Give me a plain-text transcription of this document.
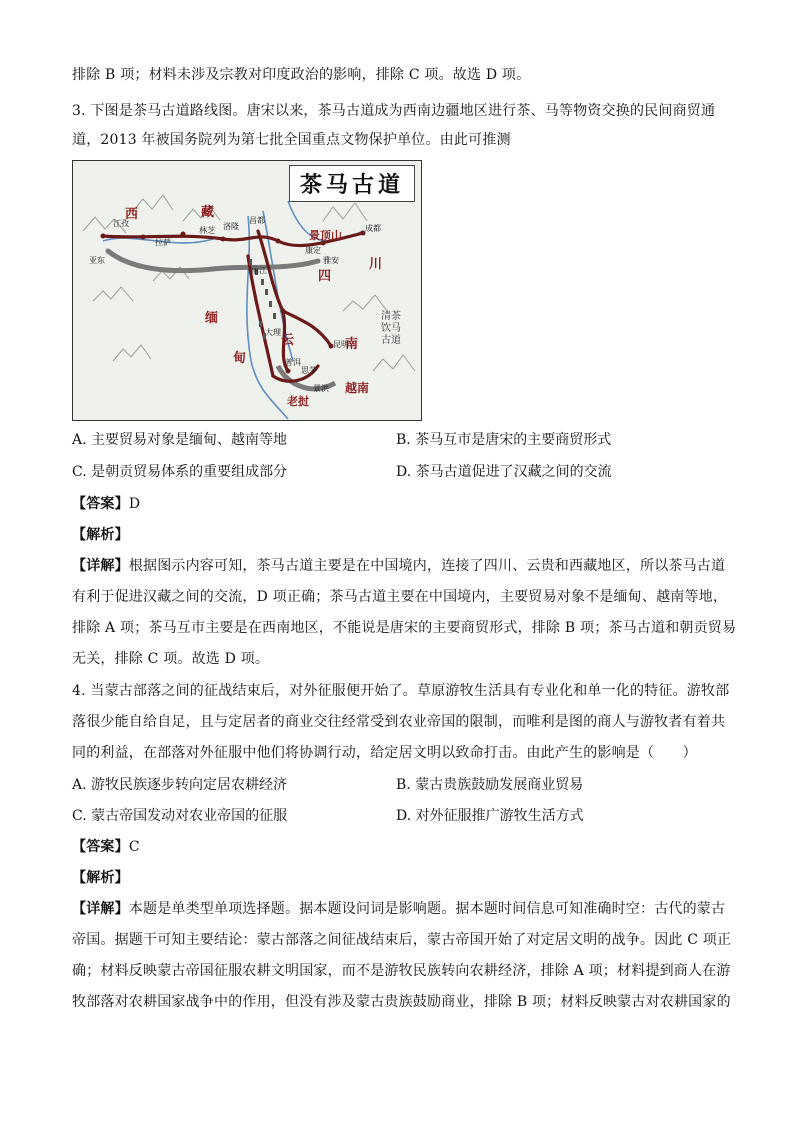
排除 B 项；材料未涉及宗教对印度政治的影响，排除 C 项。故选 D 项。
3. 下图是茶马古道路线图。唐宋以来，茶马古道成为西南边疆地区进行茶、马等物资交换的民间商贸通
道，2013 年被国务院列为第七批全国重点文物保护单位。由此可推测
茶马古道
西	藏
四
川
缅
甸
云	南
越南
老挝
江孜
拉萨
亚东
林芝
昌都
洛隆
康定
成都
雅安
景顶山
丽江
大理
昆明
普洱
思茅
景洪
清茶饮马古道
A. 主要贸易对象是缅甸、越南等地	B. 茶马互市是唐宋的主要商贸形式
C. 是朝贡贸易体系的重要组成部分	D. 茶马古道促进了汉藏之间的交流
【答案】D
【解析】
【详解】根据图示内容可知，茶马古道主要是在中国境内，连接了四川、云贵和西藏地区，所以茶马古道
有利于促进汉藏之间的交流，D 项正确；茶马古道主要在中国境内，主要贸易对象不是缅甸、越南等地，
排除 A 项；茶马互市主要是在西南地区，不能说是唐宋的主要商贸形式，排除 B 项；茶马古道和朝贡贸易
无关，排除 C 项。故选 D 项。
4. 当蒙古部落之间的征战结束后，对外征服便开始了。草原游牧生活具有专业化和单一化的特征。游牧部
落很少能自给自足，且与定居者的商业交往经常受到农业帝国的限制，而唯利是图的商人与游牧者有着共
同的利益，在部落对外征服中他们将协调行动，给定居文明以致命打击。由此产生的影响是（　　）
A. 游牧民族逐步转向定居农耕经济	B. 蒙古贵族鼓励发展商业贸易
C. 蒙古帝国发动对农业帝国的征服	D. 对外征服推广游牧生活方式
【答案】C
【解析】
【详解】本题是单类型单项选择题。据本题设问词是影响题。据本题时间信息可知准确时空：古代的蒙古
帝国。据题干可知主要结论：蒙古部落之间征战结束后，蒙古帝国开始了对定居文明的战争。因此 C 项正
确；材料反映蒙古帝国征服农耕文明国家，而不是游牧民族转向农耕经济，排除 A 项；材料提到商人在游
牧部落对农耕国家战争中的作用，但没有涉及蒙古贵族鼓励商业，排除 B 项；材料反映蒙古对农耕国家的
